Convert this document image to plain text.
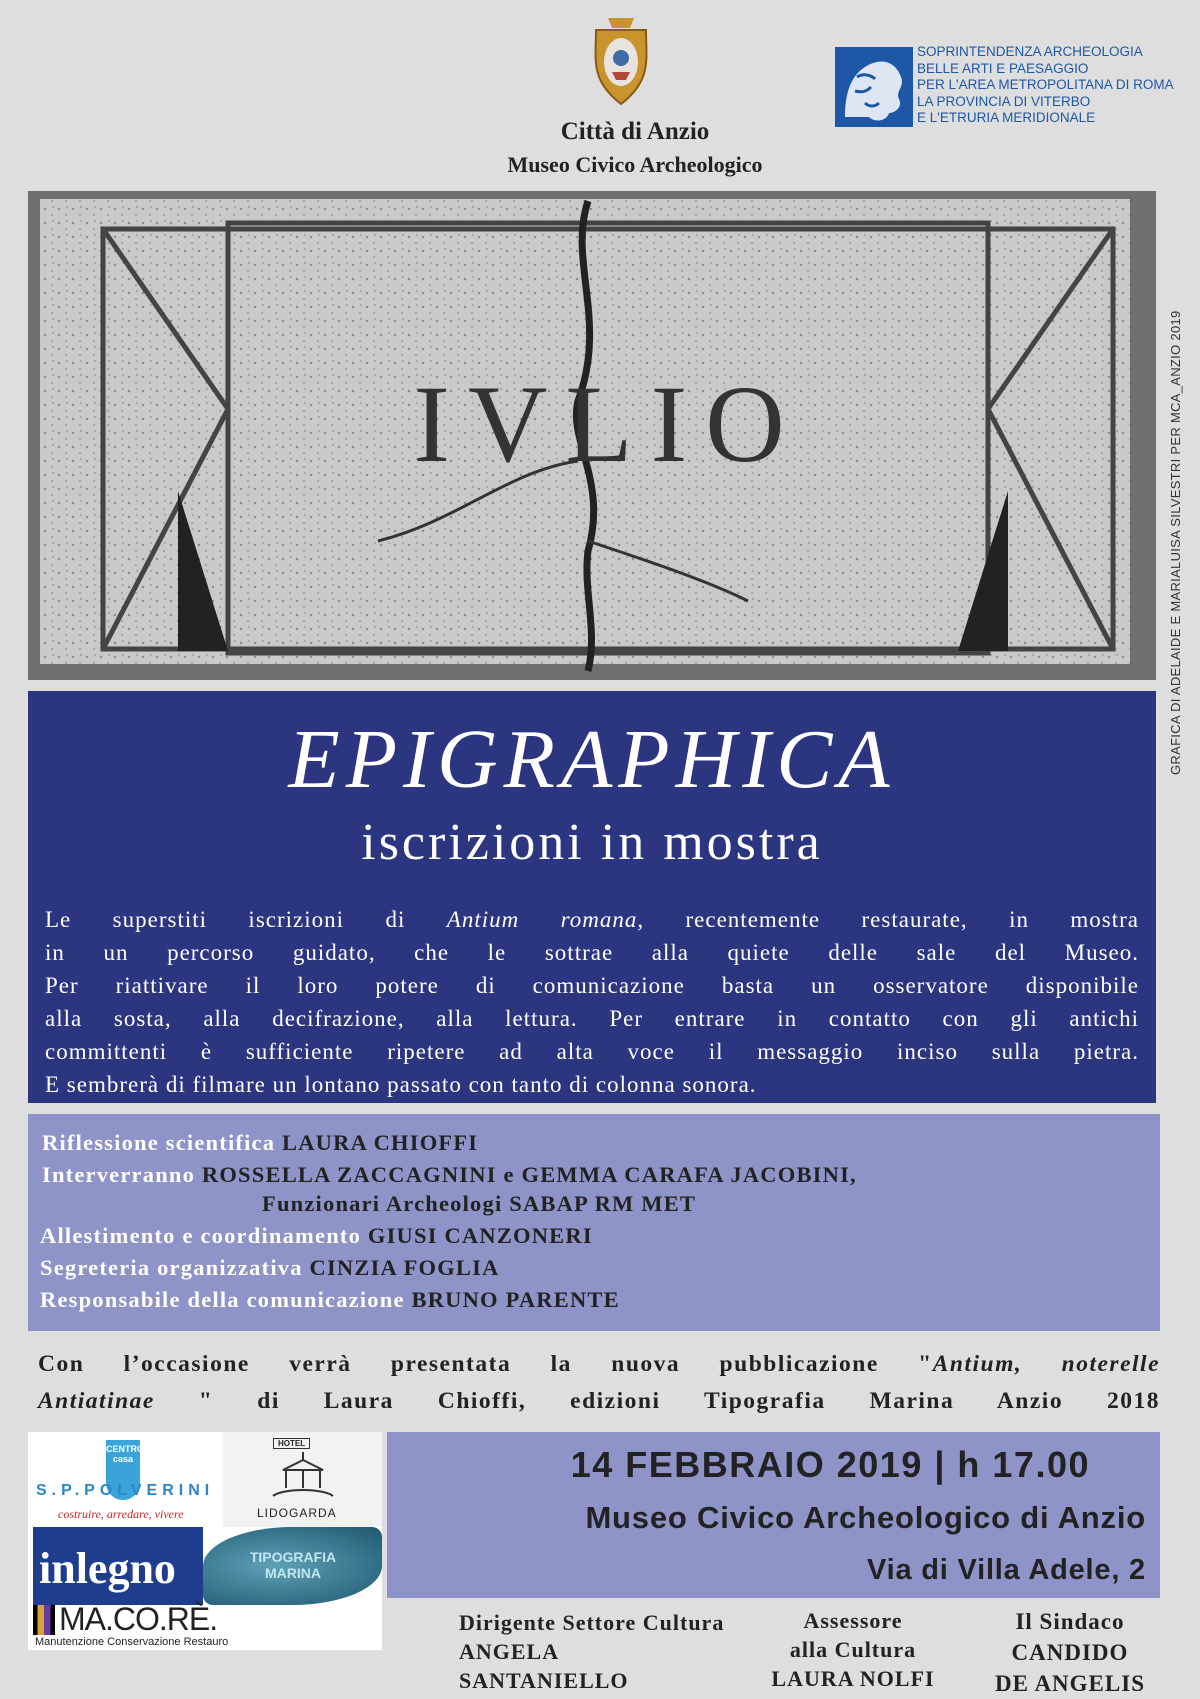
Città di Anzio
Museo Civico Archeologico
SOPRINTENDENZA ARCHEOLOGIA
BELLE ARTI E PAESAGGIO
PER L'AREA METROPOLITANA DI ROMA
LA PROVINCIA DI VITERBO
E L'ETRURIA MERIDIONALE
IVLIO	GRAFICA DI ADELAIDE E MARIALUISA SILVESTRI PER MCA_ANZIO 2019
EPIGRAPHICA
iscrizioni in mostra
Le superstiti iscrizioni di Antium romana, recentemente restaurate, in mostra
in un percorso guidato, che le sottrae alla quiete delle sale del Museo.
Per riattivare il loro potere di comunicazione basta un osservatore disponibile
alla sosta, alla decifrazione, alla lettura. Per entrare in contatto con gli antichi
committenti è sufficiente ripetere ad alta voce il messaggio inciso sulla pietra.
E sembrerà di filmare un lontano passato con tanto di colonna sonora.
Riflessione scientifica LAURA CHIOFFI
Interverranno ROSSELLA ZACCAGNINI e GEMMA CARAFA JACOBINI,
Funzionari Archeologi SABAP RM MET
Allestimento e coordinamento GIUSI CANZONERI
Segreteria organizzativa CINZIA FOGLIA
Responsabile della comunicazione BRUNO PARENTE
Con l’occasione verrà presentata la nuova pubblicazione "Antium, noterelle
Antiatinae " di Laura Chioffi, edizioni Tipografia Marina Anzio 2018
CENTRO casa
S.P.POLVERINI
costruire, arredare, vivere
HOTEL
LIDOGARDA
inlegno	TIPOGRAFIA MARINA
MA.CO.RÈ.
Manutenzione Conservazione Restauro
14 FEBBRAIO 2019 | h 17.00
Museo Civico Archeologico di Anzio
Via di Villa Adele, 2
Dirigente Settore Cultura
ANGELA
SANTANIELLO
Assessore
alla Cultura
LAURA NOLFI
Il Sindaco
CANDIDO
DE ANGELIS
